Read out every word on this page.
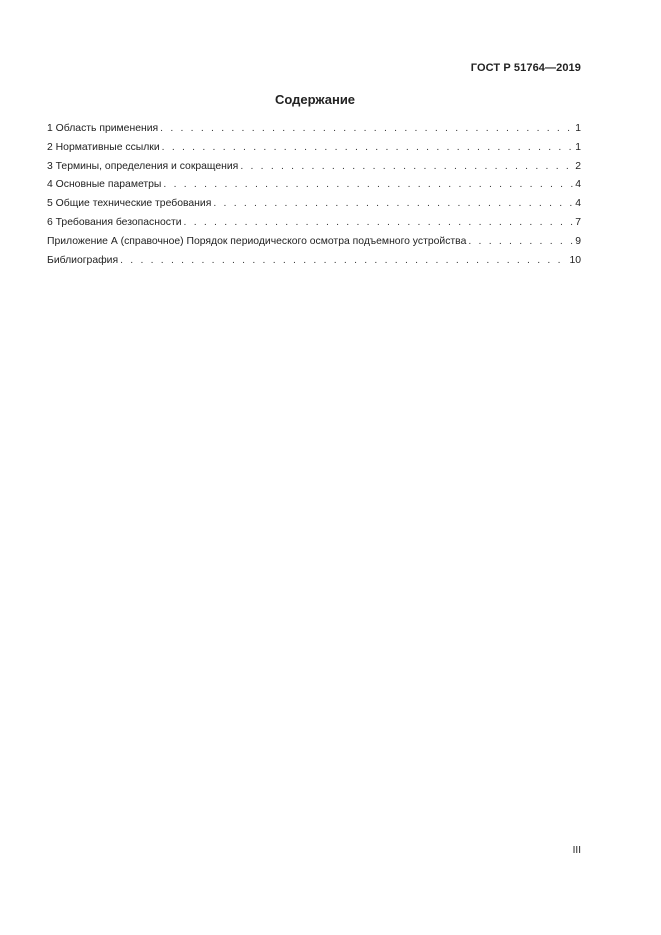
ГОСТ Р 51764—2019
Содержание
1 Область применения . . .	1
2 Нормативные ссылки . . .	1
3 Термины, определения и сокращения . . .	2
4 Основные параметры . . .	4
5 Общие технические требования . . .	4
6 Требования безопасности . . .	7
Приложение А (справочное) Порядок периодического осмотра подъемного устройства . . .	9
Библиография . . .	10
III
